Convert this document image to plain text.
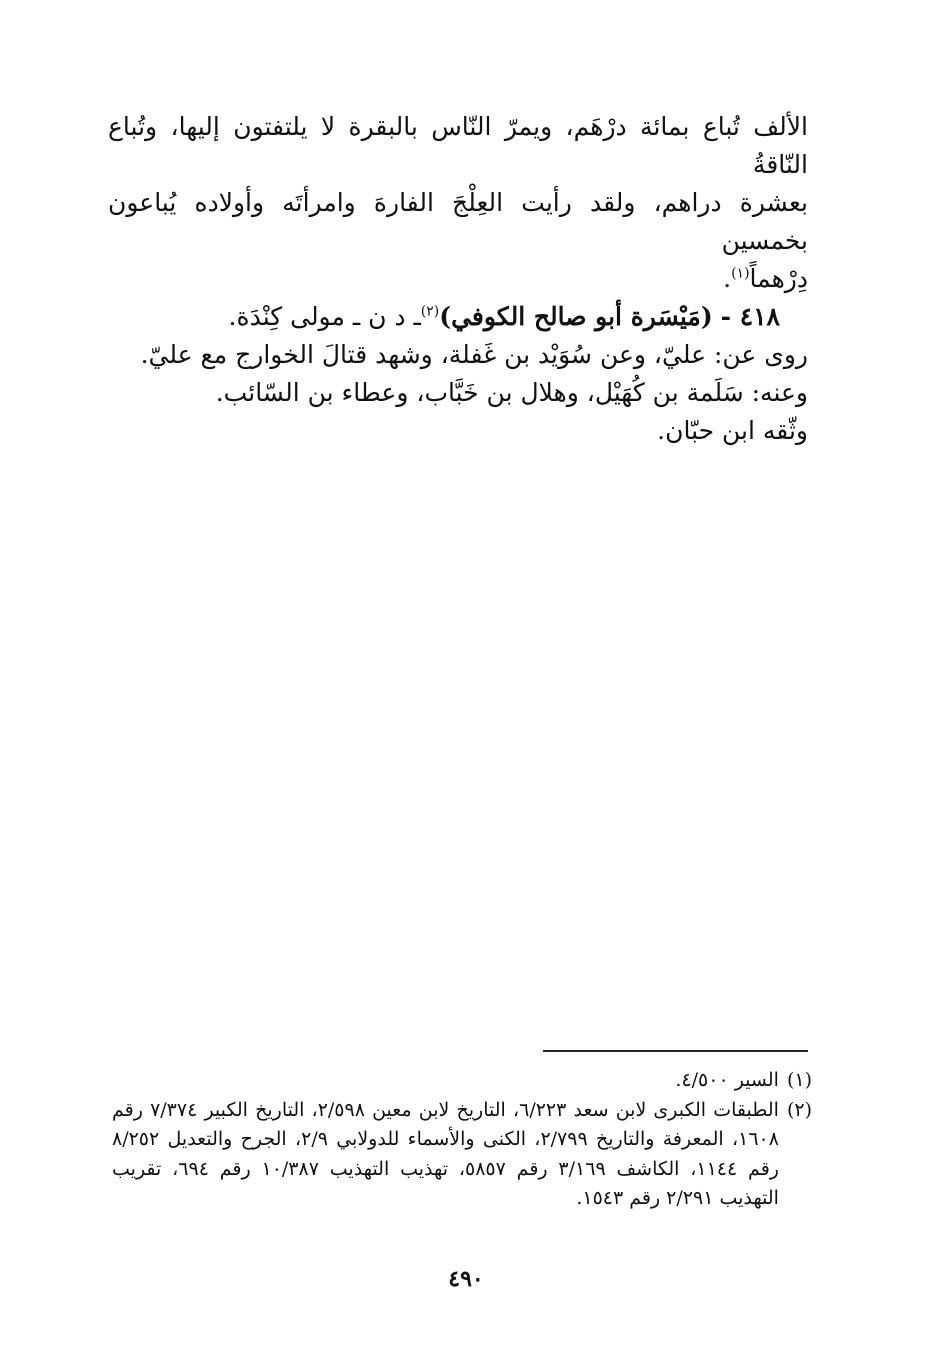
الألف تُباع بمائة درْهَم، ويمرّ النّاس بالبقرة لا يلتفتون إليها، وتُباع النّاقةُ
بعشرة دراهم، ولقد رأيت العِلْجَ الفارهَ وامرأتَه وأولاده يُباعون بخمسين
دِرْهماً$^{(١)}$.

٤١٨ - (مَيْسَرة أبو صالح الكوفي)$^{(٢)}$ـ د ن ـ مولى كِنْدَة.

روى عن: عليّ، وعن سُوَيْد بن غَفلة، وشهد قتالَ الخوارج مع عليّ.
وعنه: سَلَمة بن كُهَيْل، وهلال بن خَبَّاب، وعطاء بن السّائب.
وثّقه ابن حبّان.

(١)
السير ٤/٥٠٠.
(٢)
الطبقات الكبرى لابن سعد ٦/٢٢٣، التاريخ لابن معين ٢/٥٩٨، التاريخ الكبير ٧/٣٧٤ رقم ١٦٠٨، المعرفة والتاريخ ٢/٧٩٩، الكنى والأسماء للدولابي ٢/٩، الجرح والتعديل ٨/٢٥٢ رقم ١١٤٤، الكاشف ٣/١٦٩ رقم ٥٨٥٧، تهذيب التهذيب ١٠/٣٨٧ رقم ٦٩٤، تقريب التهذيب ٢/٢٩١ رقم ١٥٤٣.
٤٩٠
